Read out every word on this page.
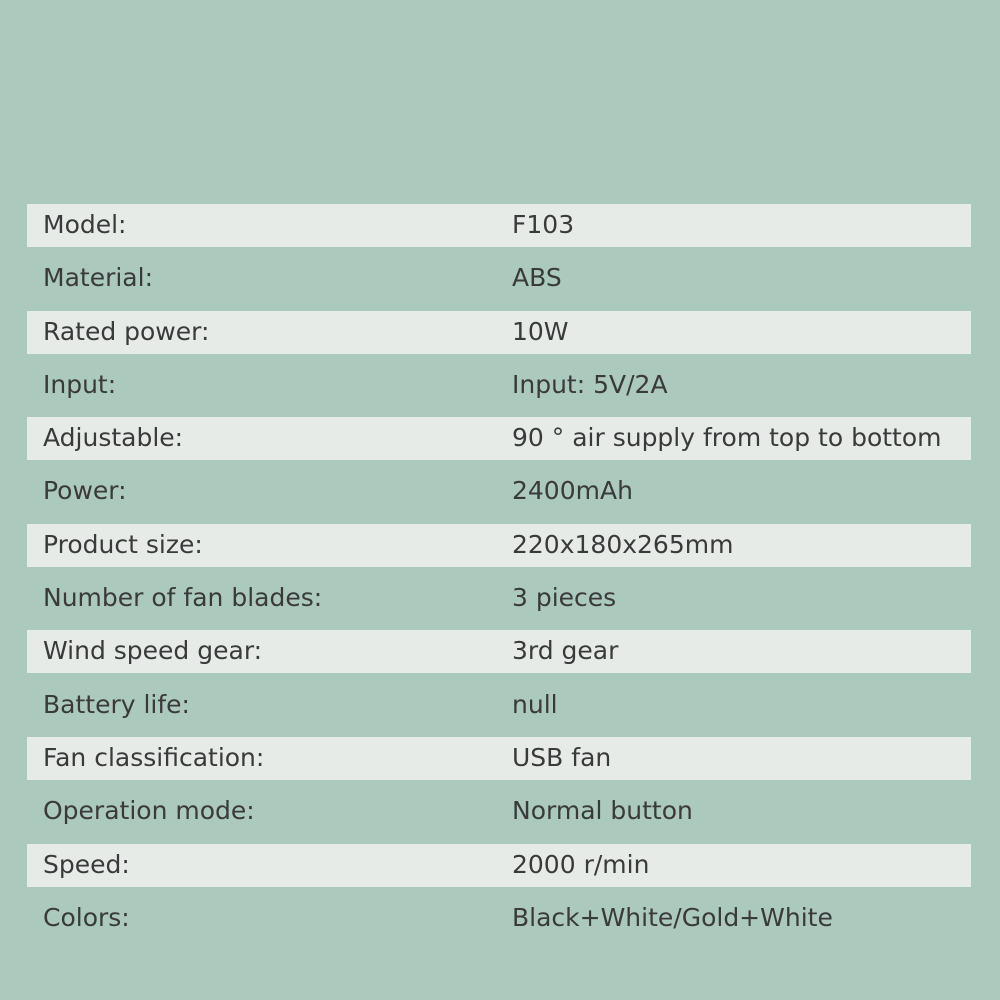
Model:	F103
Material:	ABS
Rated power:	10W
Input:	Input: 5V/2A
Adjustable:	90 ° air supply from top to bottom
Power:	2400mAh
Product size:	220x180x265mm
Number of fan blades:	3 pieces
Wind speed gear:	3rd gear
Battery life:	null
Fan classification:	USB fan
Operation mode:	Normal button
Speed:	2000 r/min
Colors:	Black+White/Gold+White
